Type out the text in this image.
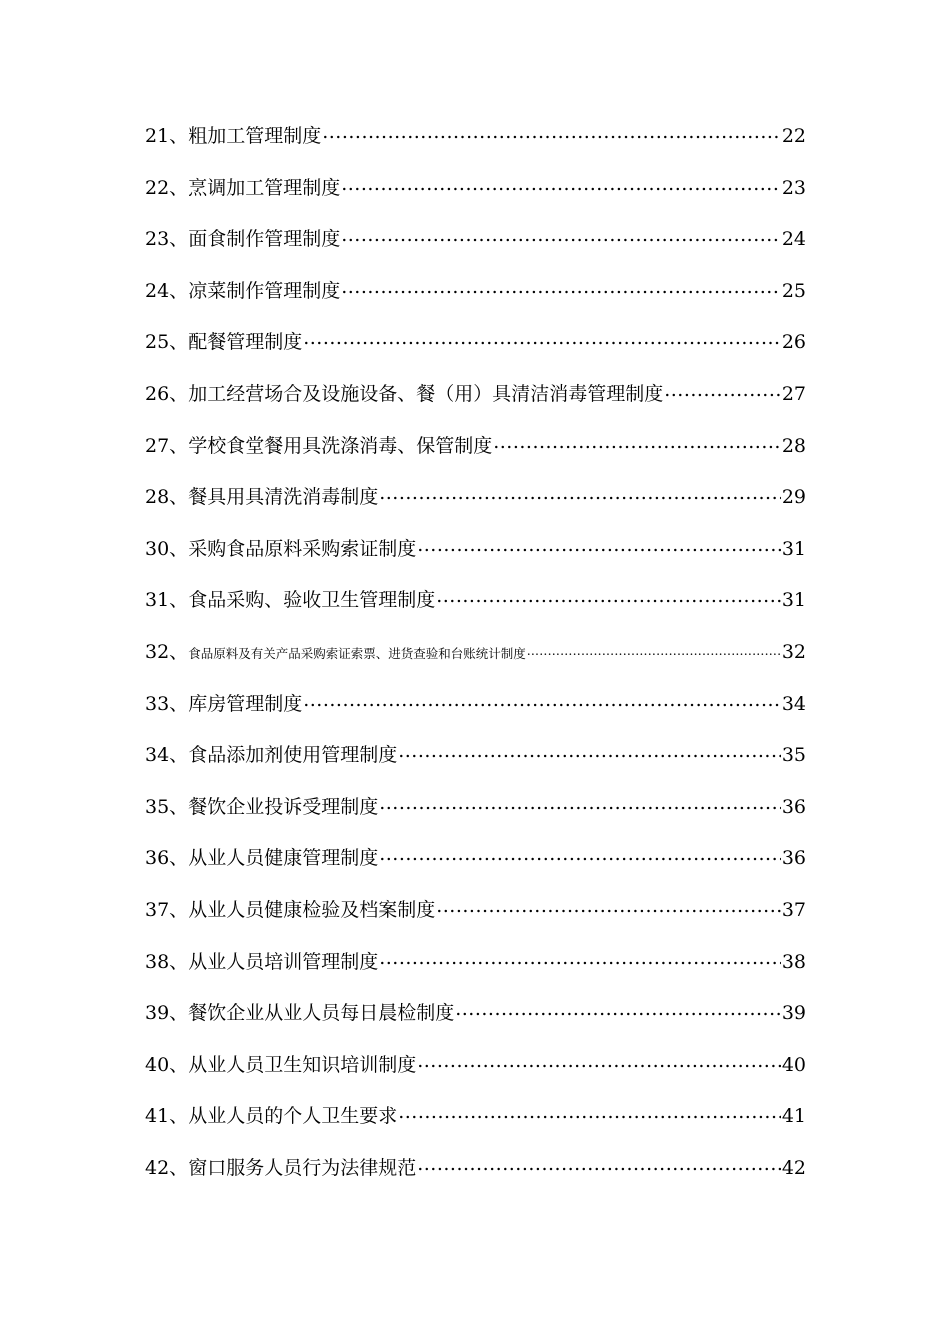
21、 粗加工管理制度 .....	22
22、 烹调加工管理制度 .....	23
23、 面食制作管理制度 .....	24
24、 凉菜制作管理制度 .....	25
25、 配餐管理制度 .....	26
26、 加工经营场合及设施设备、餐（用）具清洁消毒管理制度 .....	27
27、 学校食堂餐用具洗涤消毒、保管制度 .....	28
28、 餐具用具清洗消毒制度 .....	29
30、 采购食品原料采购索证制度 .....	31
31、 食品采购、验收卫生管理制度 .....	31
32、 食品原料及有关产品采购索证索票、进货查验和台账统计制度 .....	32
33、 库房管理制度 .....	34
34、 食品添加剂使用管理制度 .....	35
35、 餐饮企业投诉受理制度 .....	36
36、 从业人员健康管理制度 .....	36
37、 从业人员健康检验及档案制度 .....	37
38、 从业人员培训管理制度 .....	38
39、 餐饮企业从业人员每日晨检制度 .....	39
40、 从业人员卫生知识培训制度 .....	40
41、 从业人员的个人卫生要求 .....	41
42、 窗口服务人员行为法律规范 .....	42
